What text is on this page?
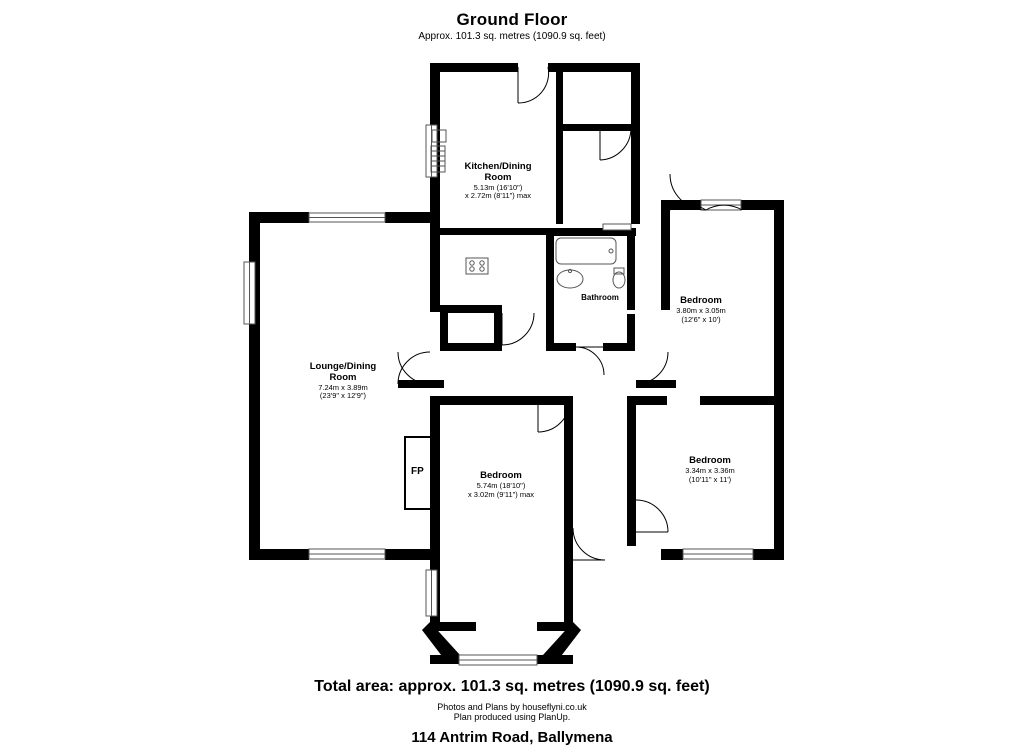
Ground Floor
Approx. 101.3 sq. metres (1090.9 sq. feet)
Kitchen/Dining
Room
5.13m (16'10")
x 2.72m (8'11") max
Bathroom	Bedroom
3.80m x 3.05m
(12'6" x 10')
Lounge/Dining
Room
7.24m x 3.89m
(23'9" x 12'9")
Bedroom
3.34m x 3.36m
(10'11" x 11')
Bedroom
5.74m (18'10")
x 3.02m (9'11") max
FP
Total area: approx. 101.3 sq. metres (1090.9 sq. feet)
Photos and Plans by houseflyni.co.uk
Plan produced using PlanUp.
114 Antrim Road, Ballymena
